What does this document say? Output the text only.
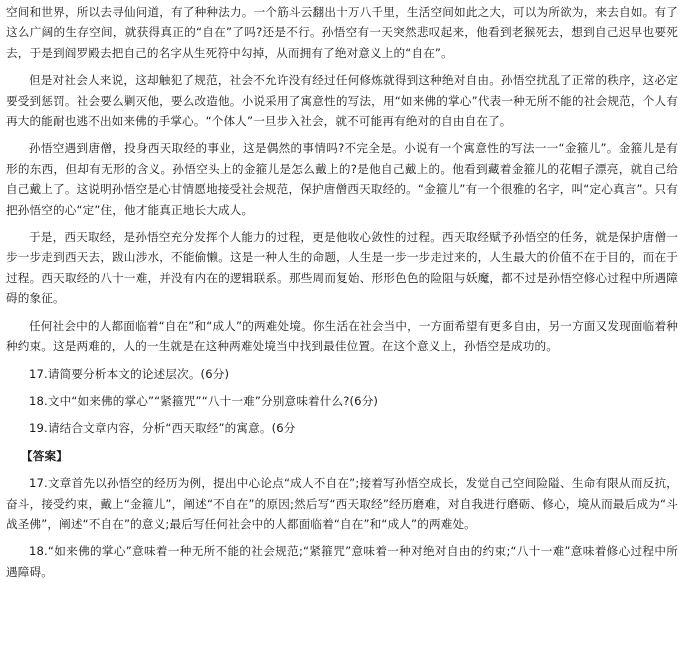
空间和世界，所以去寻仙问道，有了种种法力。一个筋斗云翻出十万八千里，生活空间如此之大，可以为所欲为，来去自如。有了这么广阔的生存空间，就获得真正的“自在”了吗?还是不行。孙悟空有一天突然悲叹起来，他看到老猴死去，想到自己迟早也要死去，于是到阎罗殿去把自己的名字从生死符中勾掉，从而拥有了绝对意义上的“自在”。

但是对社会人来说，这却触犯了规范，社会不允许没有经过任何修炼就得到这种绝对自由。孙悟空扰乱了正常的秩序，这必定要受到惩罚。社会要么剿灭他，要么改造他。小说采用了寓意性的写法，用“如来佛的掌心”代表一种无所不能的社会规范，个人有再大的能耐也逃不出如来佛的手掌心。“个体人”一旦步入社会，就不可能再有绝对的自由自在了。

孙悟空遇到唐僧，投身西天取经的事业，这是偶然的事情吗?不完全是。小说有一个寓意性的写法一一“金箍儿”。金箍儿是有形的东西，但却有无形的含义。孙悟空头上的金箍儿是怎么戴上的?是他自己戴上的。他看到藏着金箍儿的花帽子漂亮，就自己给自己戴上了。这说明孙悟空是心甘情愿地接受社会规范，保护唐僧西天取经的。“金箍儿”有一个很雅的名字，叫“定心真言”。只有把孙悟空的心“定”住，他才能真正地长大成人。

于是，西天取经，是孙悟空充分发挥个人能力的过程，更是他收心敛性的过程。西天取经赋予孙悟空的任务，就是保护唐僧一步一步走到西天去，跋山涉水，不能偷懒。这是一种人生的命题，人生是一步一步走过来的，人生最大的价值不在于目的，而在于过程。西天取经的八十一难，并没有内在的逻辑联系。那些周而复始、形形色色的险阻与妖魔，都不过是孙悟空修心过程中所遇障碍的象征。

任何社会中的人都面临着“自在”和“成人”的两难处境。你生活在社会当中，一方面希望有更多自由，另一方面又发现面临着种种约束。这是两难的，人的一生就是在这种两难处境当中找到最佳位置。在这个意义上，孙悟空是成功的。

17.请简要分析本文的论述层次。(6分)

18.文中“如来佛的掌心”“紧箍咒”“八十一难”分别意味着什么?(6分)

19.请结合文章内容，分析“西天取经”的寓意。(6分

【答案】

17.文章首先以孙悟空的经历为例，提出中心论点“成人不自在”;接着写孙悟空成长，发觉自己空间险隘、生命有限从而反抗，奋斗，接受约束，戴上“金箍儿”，阐述“不自在”的原因;然后写“西天取经”经历磨难，对自我进行磨砺、修心，境从而最后成为“斗战圣佛”，阐述“不自在”的意义;最后写任何社会中的人都面临着“自在”和“成人”的两难处。

18.“如来佛的掌心”意味着一种无所不能的社会规范;“紧箍咒”意味着一种对绝对自由的约束;“八十一难”意味着修心过程中所遇障碍。
